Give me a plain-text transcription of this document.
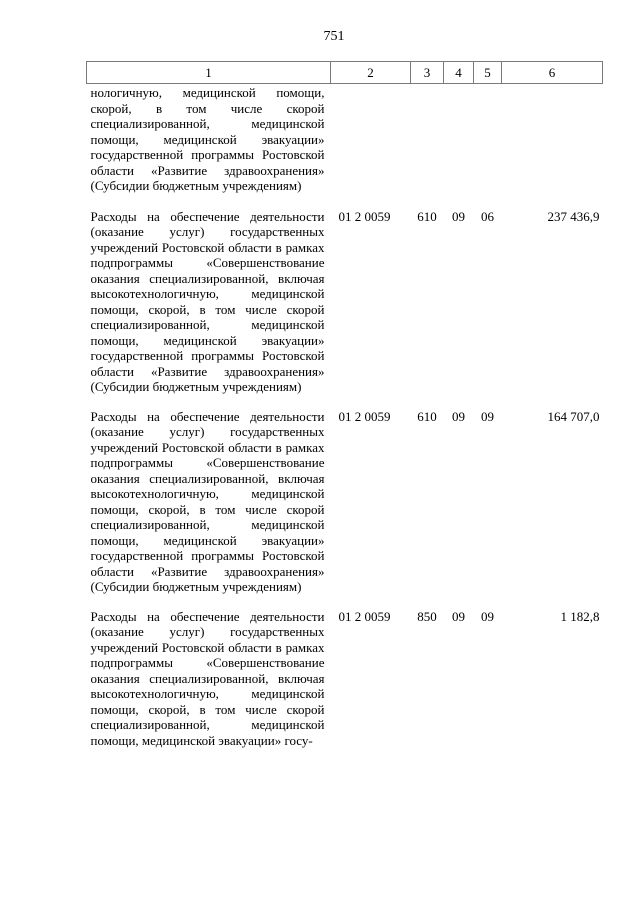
751
1	2	3	4	5	6
нологичную, медицинской помощи, скорой, в том числе скорой специализированной, медицинской помощи, медицинской эвакуации» государственной программы Ростовской области «Развитие здравоохранения» (Субсидии бюджетным учреждениям)					
Расходы на обеспечение деятельности (оказание услуг) государственных учреждений Ростовской области в рамках подпрограммы «Совершенствование оказания специализированной, включая высокотехнологичную, медицинской помощи, скорой, в том числе скорой специализированной, медицинской помощи, медицинской эвакуации» государственной программы Ростовской области «Развитие здравоохранения» (Субсидии бюджетным учреждениям)	01 2 0059	610	09	06	237 436,9
Расходы на обеспечение деятельности (оказание услуг) государственных учреждений Ростовской области в рамках подпрограммы «Совершенствование оказания специализированной, включая высокотехнологичную, медицинской помощи, скорой, в том числе скорой специализированной, медицинской помощи, медицинской эвакуации» государственной программы Ростовской области «Развитие здравоохранения» (Субсидии бюджетным учреждениям)	01 2 0059	610	09	09	164 707,0
Расходы на обеспечение деятельности (оказание услуг) государственных учреждений Ростовской области в рамках подпрограммы «Совершенствование оказания специализированной, включая высокотехнологичную, медицинской помощи, скорой, в том числе скорой специализированной, медицинской помощи, медицинской эвакуации» госу-	01 2 0059	850	09	09	1 182,8
